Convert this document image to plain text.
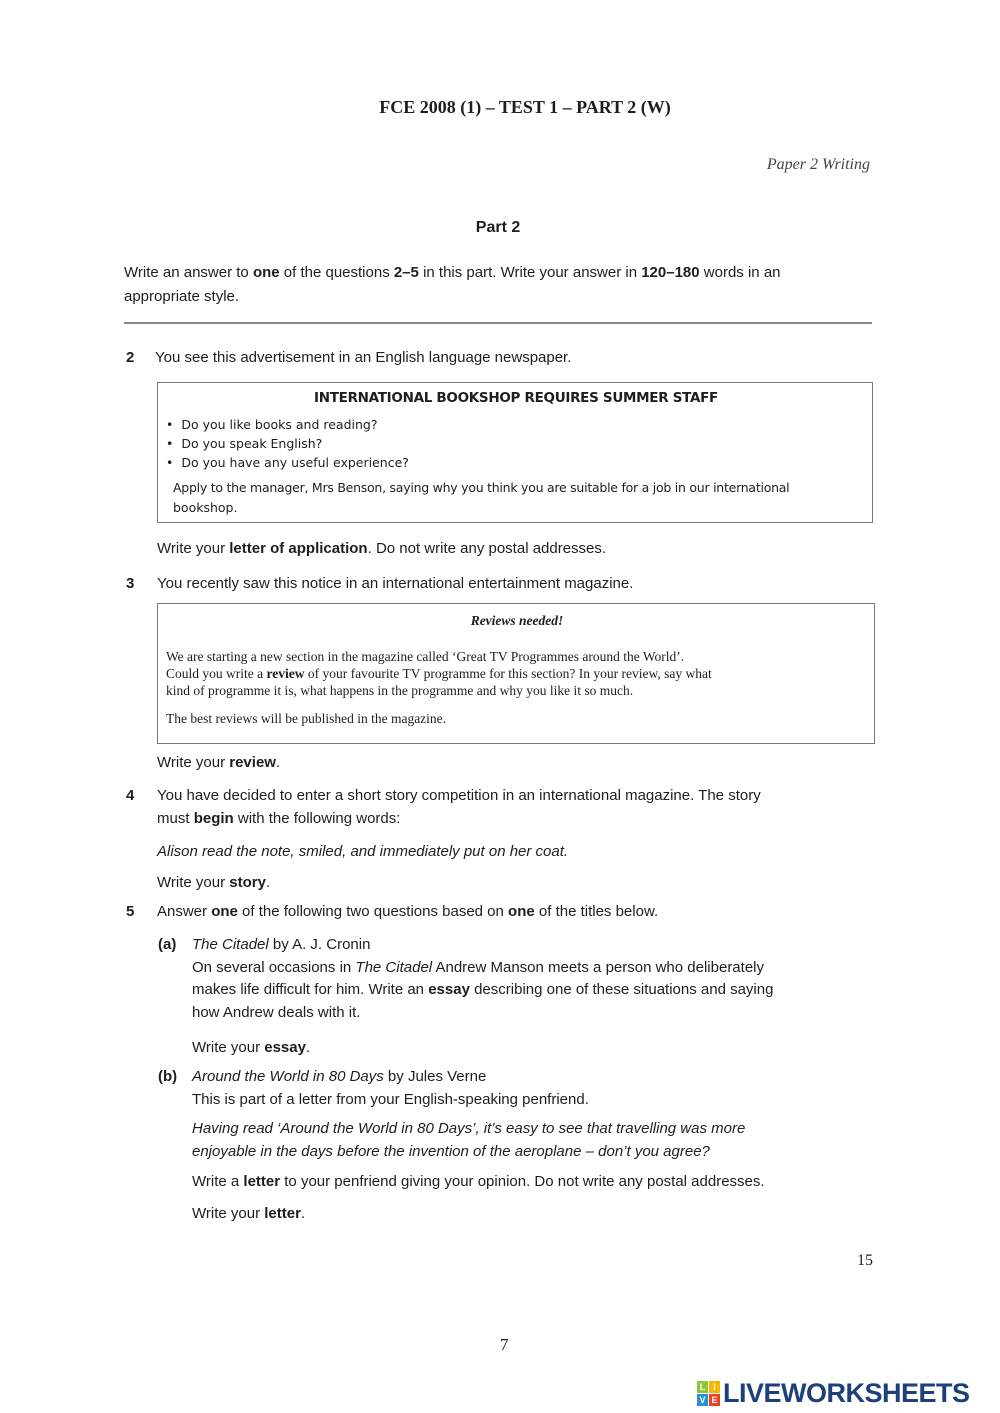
FCE 2008 (1) – TEST 1 – PART 2 (W)
Paper 2 Writing
Part 2
Write an answer to one of the questions 2–5 in this part. Write your answer in 120–180 words in an
appropriate style.
2 You see this advertisement in an English language newspaper.
INTERNATIONAL BOOKSHOP REQUIRES SUMMER STAFF
•  Do you like books and reading?
•  Do you speak English?
•  Do you have any useful experience?
Apply to the manager, Mrs Benson, saying why you think you are suitable for a job in our international
bookshop.
Write your letter of application. Do not write any postal addresses.
3 You recently saw this notice in an international entertainment magazine.
Reviews needed!
We are starting a new section in the magazine called ‘Great TV Programmes around the World’.
Could you write a review of your favourite TV programme for this section? In your review, say what
kind of programme it is, what happens in the programme and why you like it so much.
The best reviews will be published in the magazine.
Write your review.
4 You have decided to enter a short story competition in an international magazine. The story
must begin with the following words:
Alison read the note, smiled, and immediately put on her coat.
Write your story.
5 Answer one of the following two questions based on one of the titles below.
(a) The Citadel by A. J. Cronin
On several occasions in The Citadel Andrew Manson meets a person who deliberately
makes life difficult for him. Write an essay describing one of these situations and saying
how Andrew deals with it.
Write your essay.
(b) Around the World in 80 Days by Jules Verne
This is part of a letter from your English-speaking penfriend.
Having read ‘Around the World in 80 Days’, it’s easy to see that travelling was more
enjoyable in the days before the invention of the aeroplane – don’t you agree?
Write a letter to your penfriend giving your opinion. Do not write any postal addresses.
Write your letter.
15
7
L I
V E LIVEWORKSHEETS
